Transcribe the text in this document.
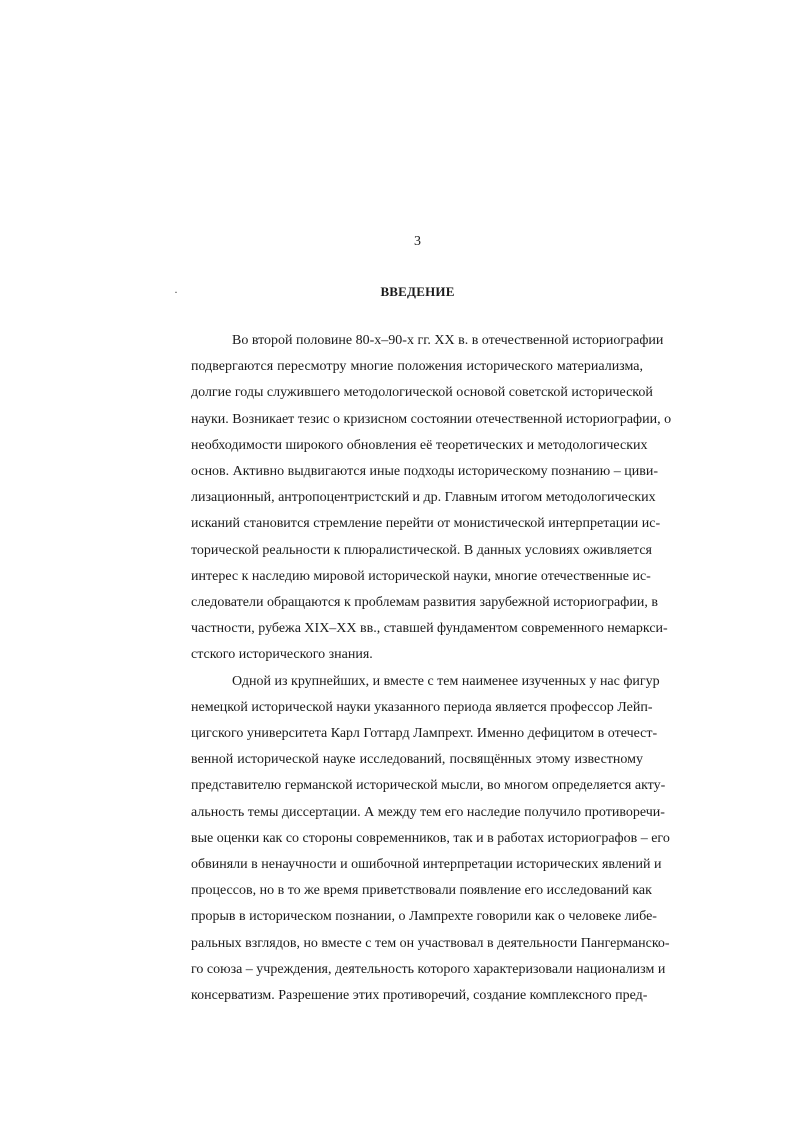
3
·	ВВЕДЕНИЕ
Во второй половине 80-х–90-х гг. XX в. в отечественной историографии
подвергаются пересмотру многие положения исторического материализма,
долгие годы служившего методологической основой советской исторической
науки. Возникает тезис о кризисном состоянии отечественной историографии, о
необходимости широкого обновления её теоретических и методологических
основ. Активно выдвигаются иные подходы историческому познанию – циви-
лизационный, антропоцентристский и др. Главным итогом методологических
исканий становится стремление перейти от монистической интерпретации ис-
торической реальности к плюралистической. В данных условиях оживляется
интерес к наследию мировой исторической науки, многие отечественные ис-
следователи обращаются к проблемам развития зарубежной историографии, в
частности, рубежа XIX–XX вв., ставшей фундаментом современного немаркси-
стского исторического знания.
Одной из крупнейших, и вместе с тем наименее изученных у нас фигур
немецкой исторической науки указанного периода является профессор Лейп-
цигского университета Карл Готтард Лампрехт. Именно дефицитом в отечест-
венной исторической науке исследований, посвящённых этому известному
представителю германской исторической мысли, во многом определяется акту-
альность темы диссертации. А между тем его наследие получило противоречи-
вые оценки как со стороны современников, так и в работах историографов – его
обвиняли в ненаучности и ошибочной интерпретации исторических явлений и
процессов, но в то же время приветствовали появление его исследований как
прорыв в историческом познании, о Лампрехте говорили как о человеке либе-
ральных взглядов, но вместе с тем он участвовал в деятельности Пангерманско-
го союза – учреждения, деятельность которого характеризовали национализм и
консерватизм. Разрешение этих противоречий, создание комплексного пред-
